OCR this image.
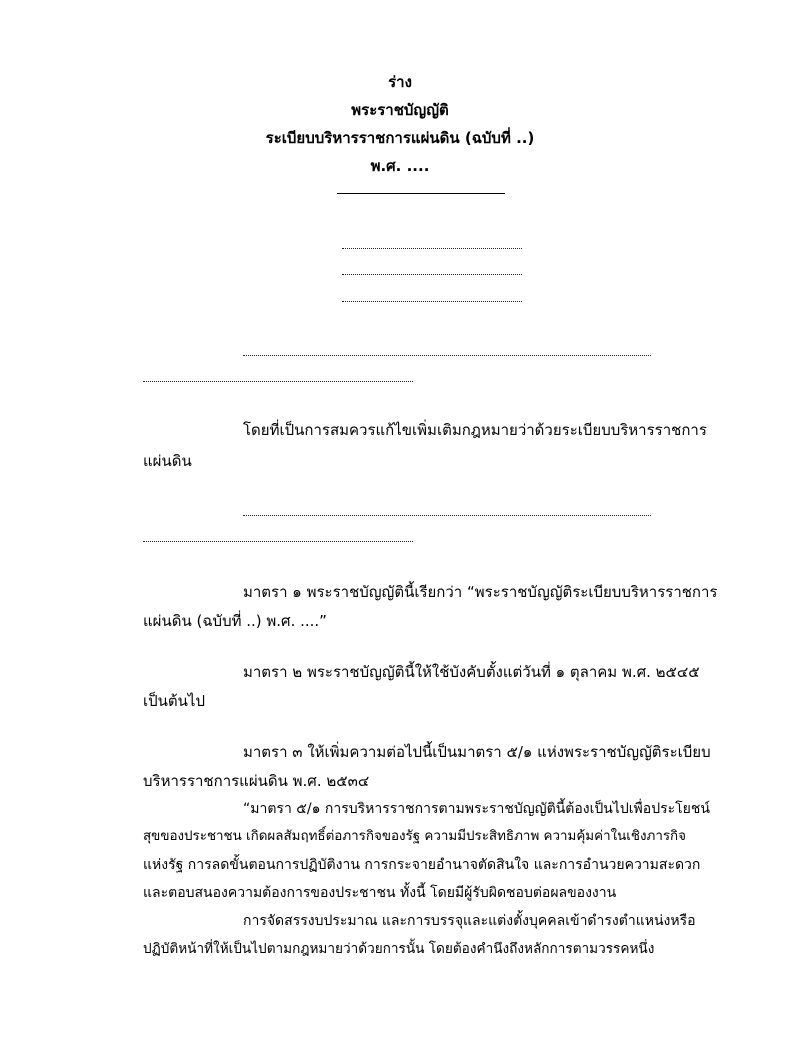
ร่าง
พระราชบัญญัติ
ระเบียบบริหารราชการแผ่นดิน (ฉบับที่ ..)
พ.ศ. ....
โดยที่เป็นการสมควรแก้ไขเพิ่มเติมกฎหมายว่าด้วยระเบียบบริหารราชการ
แผ่นดิน
มาตรา ๑ พระราชบัญญัตินี้เรียกว่า “พระราชบัญญัติระเบียบบริหารราชการ
แผ่นดิน (ฉบับที่ ..) พ.ศ. ....”
มาตรา ๒ พระราชบัญญัตินี้ให้ใช้บังคับตั้งแต่วันที่ ๑ ตุลาคม พ.ศ. ๒๕๔๕
เป็นต้นไป
มาตรา ๓ ให้เพิ่มความต่อไปนี้เป็นมาตรา ๕/๑ แห่งพระราชบัญญัติระเบียบ
บริหารราชการแผ่นดิน พ.ศ. ๒๕๓๔
“มาตรา ๕/๑ การบริหารราชการตามพระราชบัญญัตินี้ต้องเป็นไปเพื่อประโยชน์
สุขของประชาชน เกิดผลสัมฤทธิ์ต่อภารกิจของรัฐ ความมีประสิทธิภาพ ความคุ้มค่าในเชิงภารกิจ
แห่งรัฐ การลดขั้นตอนการปฏิบัติงาน การกระจายอำนาจตัดสินใจ และการอำนวยความสะดวก
และตอบสนองความต้องการของประชาชน ทั้งนี้ โดยมีผู้รับผิดชอบต่อผลของงาน
การจัดสรรงบประมาณ และการบรรจุและแต่งตั้งบุคคลเข้าดำรงตำแหน่งหรือ
ปฏิบัติหน้าที่ให้เป็นไปตามกฎหมายว่าด้วยการนั้น โดยต้องคำนึงถึงหลักการตามวรรคหนึ่ง
